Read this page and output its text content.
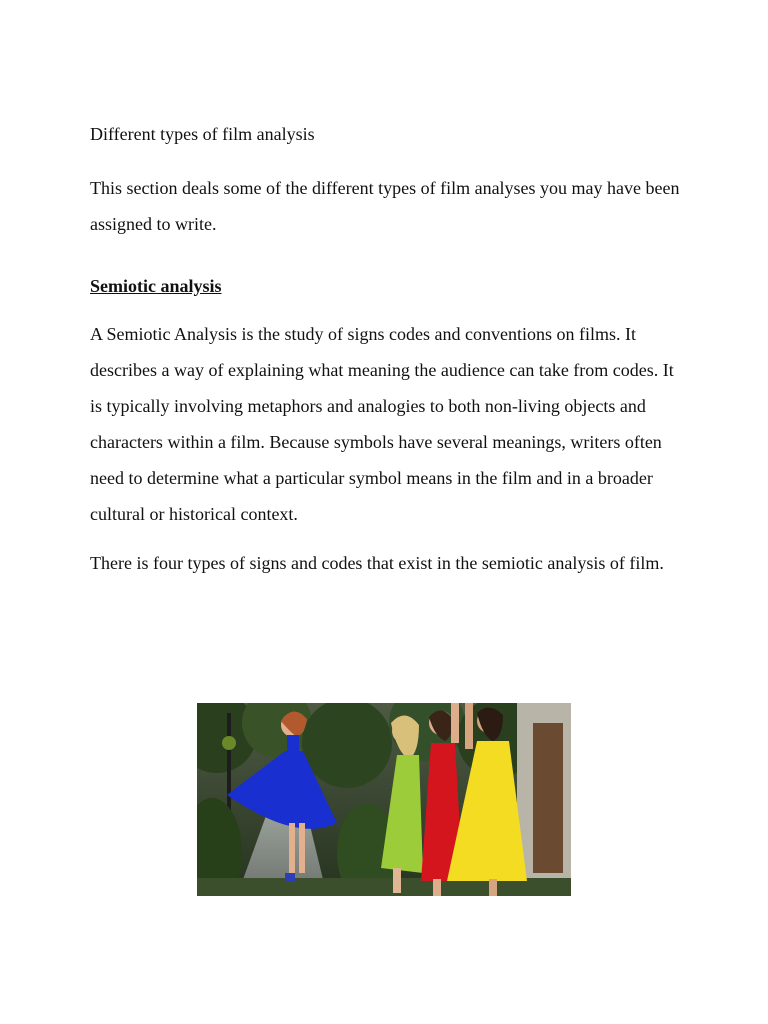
Different types of film analysis

This section deals some of the different types of film analyses you may have been assigned to write.

Semiotic analysis

A Semiotic Analysis is the study of signs codes and conventions on films. It describes a way of explaining what meaning the audience can take from codes. It is typically involving metaphors and analogies to both non-living objects and characters within a film. Because symbols have several meanings, writers often need to determine what a particular symbol means in the film and in a broader cultural or historical context.

There is four types of signs and codes that exist in the semiotic analysis of film.
